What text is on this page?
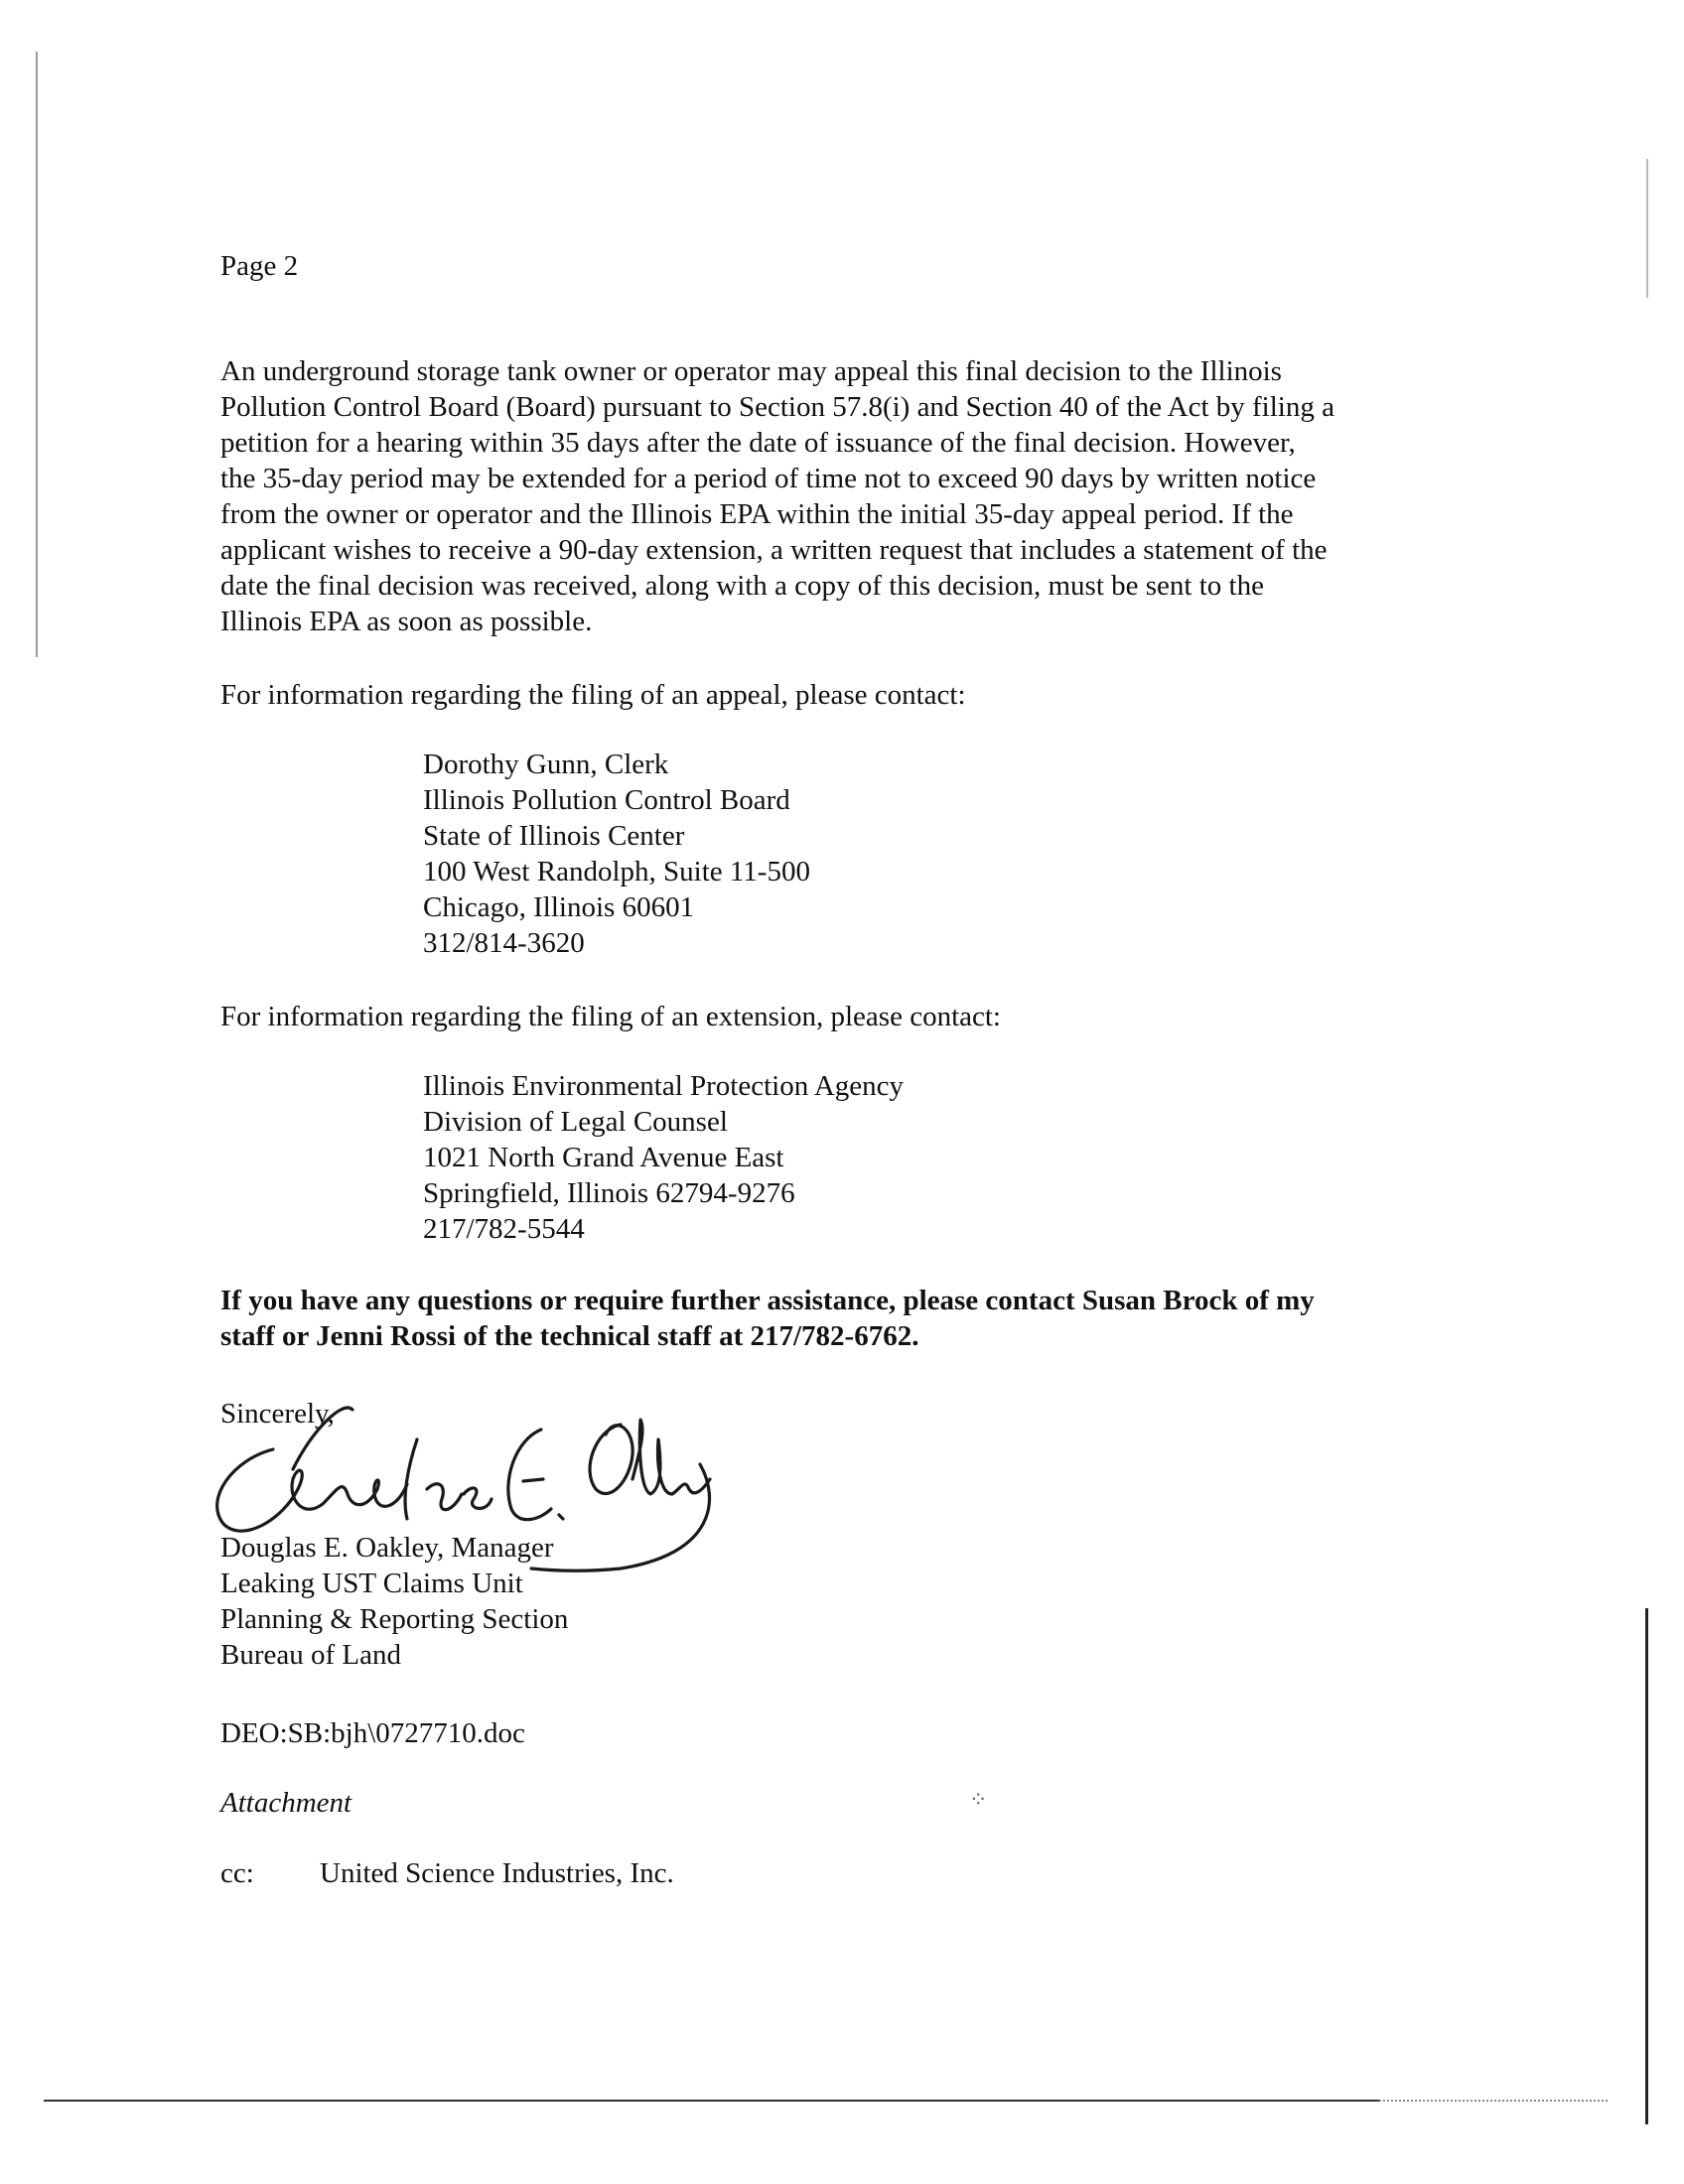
Page 2
An underground storage tank owner or operator may appeal this final decision to the Illinois
Pollution Control Board (Board) pursuant to Section 57.8(i) and Section 40 of the Act by filing a
petition for a hearing within 35 days after the date of issuance of the final decision. However,
the 35-day period may be extended for a period of time not to exceed 90 days by written notice
from the owner or operator and the Illinois EPA within the initial 35-day appeal period. If the
applicant wishes to receive a 90-day extension, a written request that includes a statement of the
date the final decision was received, along with a copy of this decision, must be sent to the
Illinois EPA as soon as possible.
For information regarding the filing of an appeal, please contact:
Dorothy Gunn, Clerk
Illinois Pollution Control Board
State of Illinois Center
100 West Randolph, Suite 11-500
Chicago, Illinois 60601
312/814-3620
For information regarding the filing of an extension, please contact:
Illinois Environmental Protection Agency
Division of Legal Counsel
1021 North Grand Avenue East
Springfield, Illinois 62794-9276
217/782-5544
If you have any questions or require further assistance, please contact Susan Brock of my
staff or Jenni Rossi of the technical staff at 217/782-6762.
Sincerely,
Douglas E. Oakley, Manager
Leaking UST Claims Unit
Planning & Reporting Section
Bureau of Land
DEO:SB:bjh\0727710.doc
Attachment
cc: United Science Industries, Inc.
⁘
